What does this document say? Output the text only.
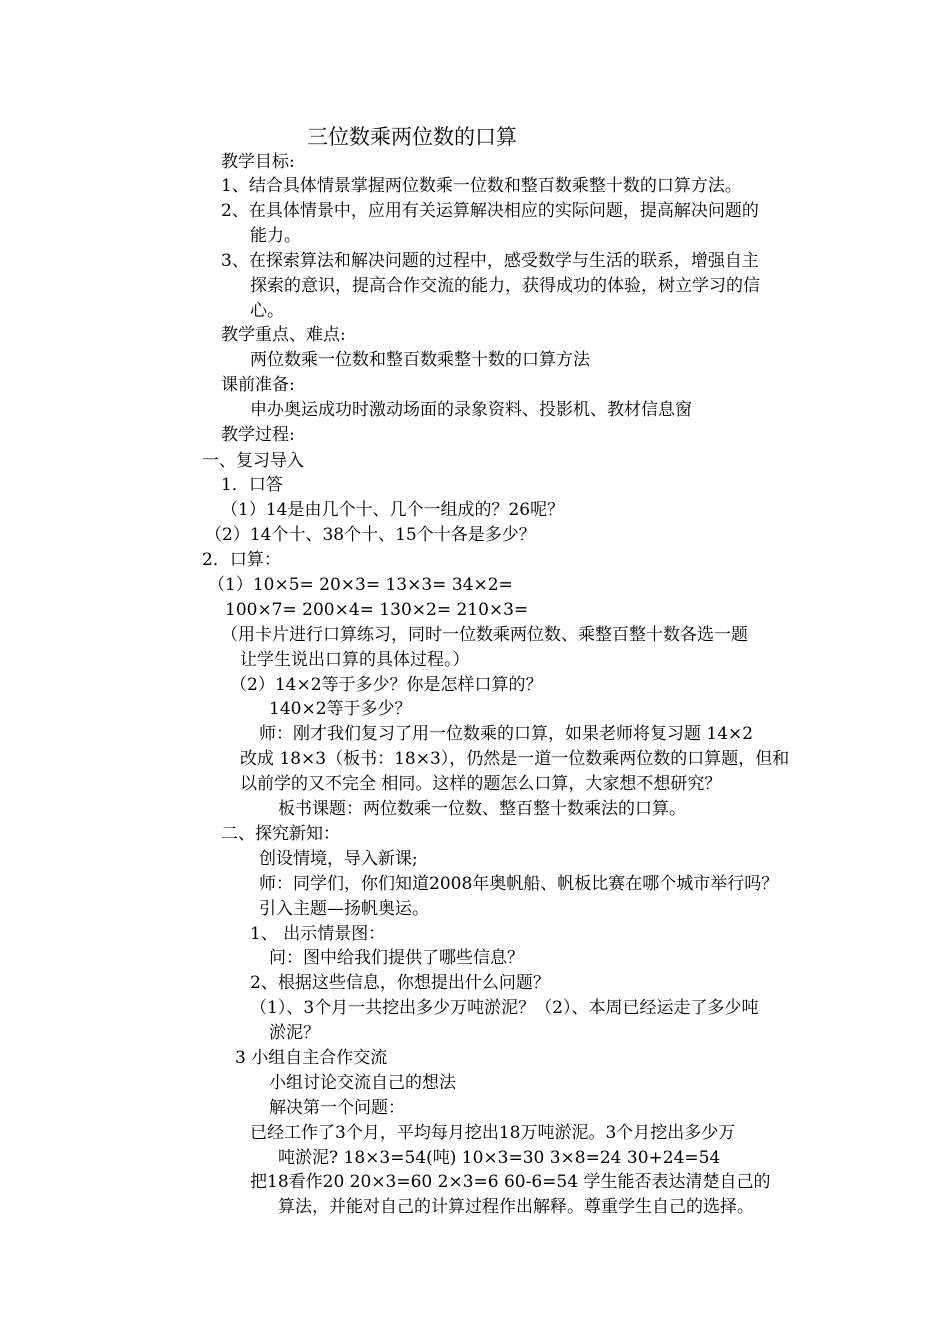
三位数乘两位数的口算
教学目标:
1、结合具体情景掌握两位数乘一位数和整百数乘整十数的口算方法。
2、在具体情景中，应用有关运算解决相应的实际问题，提高解决问题的
能力。
3、在探索算法和解决问题的过程中，感受数学与生活的联系，增强自主
探索的意识，提高合作交流的能力，获得成功的体验，树立学习的信
心。
教学重点、难点:
两位数乘一位数和整百数乘整十数的口算方法
课前准备:
申办奥运成功时激动场面的录象资料、投影机、教材信息窗
教学过程:
一、复习导入
1．口答
（1）14是由几个十、几个一组成的？26呢？
（2）14个十、38个十、15个十各是多少？
2．口算：
（1）10×5= 20×3= 13×3= 34×2=
100×7= 200×4= 130×2= 210×3=
（用卡片进行口算练习，同时一位数乘两位数、乘整百整十数各选一题
让学生说出口算的具体过程。）
（2）14×2等于多少？你是怎样口算的？
140×2等于多少？
师：刚才我们复习了用一位数乘的口算，如果老师将复习题 14×2
改成 18×3（板书：18×3），仍然是一道一位数乘两位数的口算题，但和
以前学的又不完全 相同。这样的题怎么口算，大家想不想研究？
板书课题：两位数乘一位数、整百整十数乘法的口算。
二、探究新知：
创设情境，导入新课;
师：同学们，你们知道2008年奥帆船、帆板比赛在哪个城市举行吗？
引入主题—扬帆奥运。
1、 出示情景图：
问：图中给我们提供了哪些信息？
2、根据这些信息，你想提出什么问题？
（1）、3个月一共挖出多少万吨淤泥？（2）、本周已经运走了多少吨
淤泥？
3 小组自主合作交流
小组讨论交流自己的想法
解决第一个问题：
已经工作了3个月，平均每月挖出18万吨淤泥。3个月挖出多少万
吨淤泥? 18×3=54(吨) 10×3=30 3×8=24 30+24=54
把18看作20 20×3=60 2×3=6 60-6=54 学生能否表达清楚自己的
算法，并能对自己的计算过程作出解释。尊重学生自己的选择。
